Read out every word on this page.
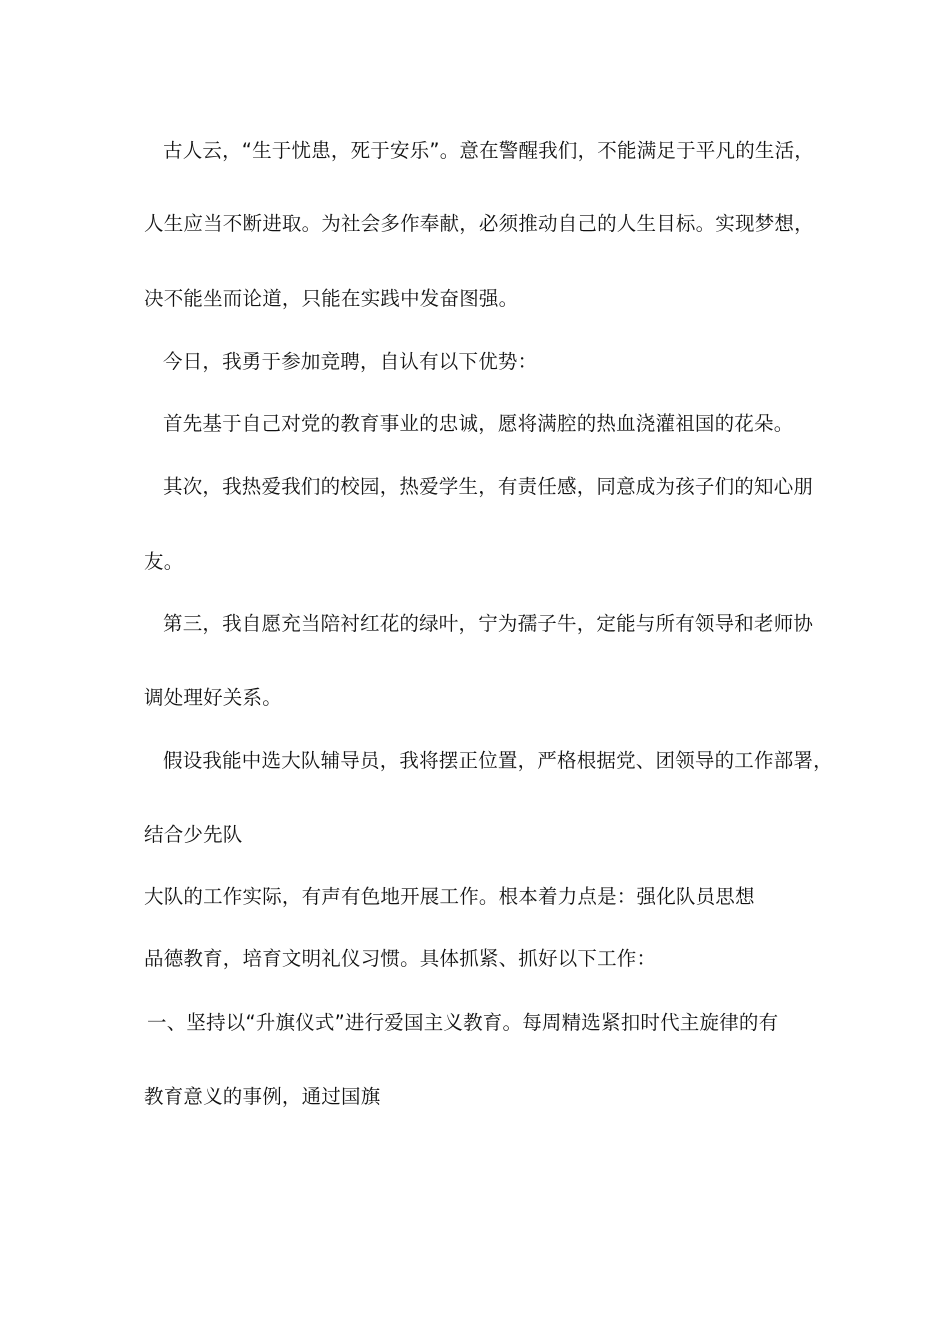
古人云，“生于忧患，死于安乐”。意在警醒我们，不能满足于平凡的生活，
人生应当不断进取。为社会多作奉献，必须推动自己的人生目标。实现梦想，
决不能坐而论道，只能在实践中发奋图强。
今日，我勇于参加竞聘，自认有以下优势：
首先基于自己对党的教育事业的忠诚，愿将满腔的热血浇灌祖国的花朵。
其次，我热爱我们的校园，热爱学生，有责任感，同意成为孩子们的知心朋
友。
第三，我自愿充当陪衬红花的绿叶，宁为孺子牛，定能与所有领导和老师协
调处理好关系。
假设我能中选大队辅导员，我将摆正位置，严格根据党、团领导的工作部署，
结合少先队
大队的工作实际，有声有色地开展工作。根本着力点是：强化队员思想
品德教育，培育文明礼仪习惯。具体抓紧、抓好以下工作：
一、坚持以“升旗仪式”进行爱国主义教育。每周精选紧扣时代主旋律的有
教育意义的事例，通过国旗
